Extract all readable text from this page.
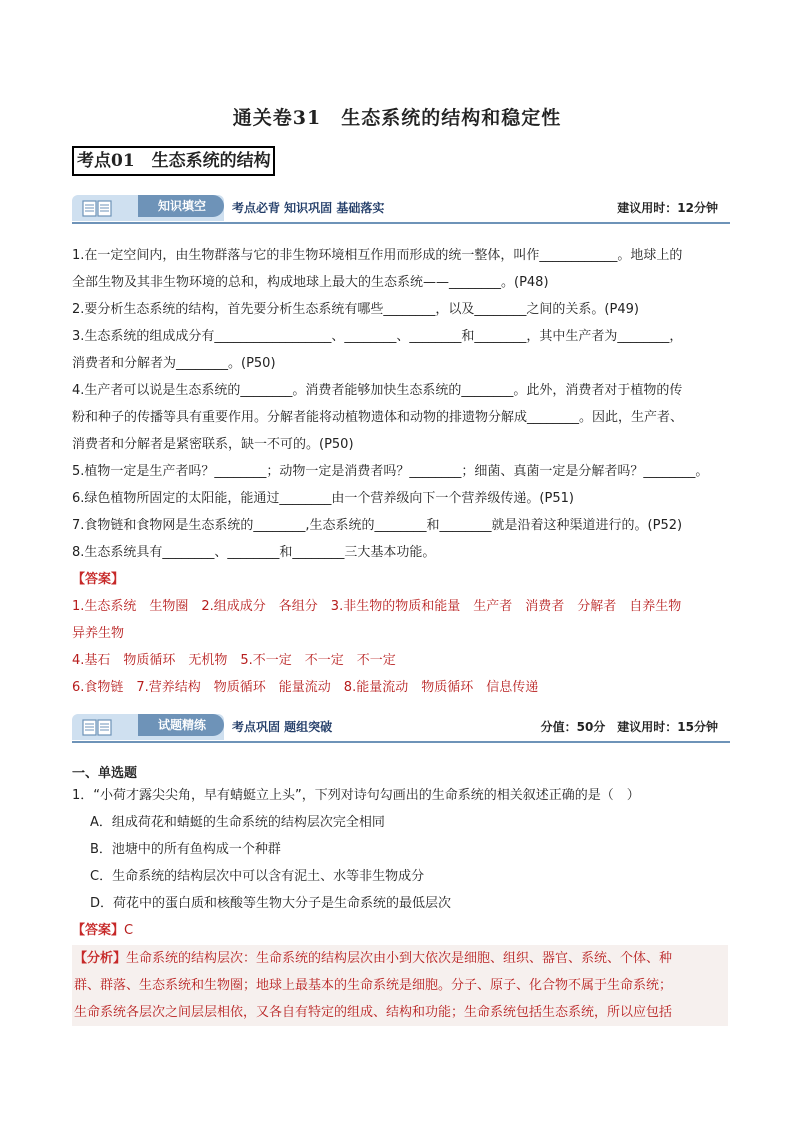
通关卷31　生态系统的结构和稳定性
考点01　生态系统的结构
知识填空	考点必背 知识巩固 基础落实	建议用时：12分钟

1.在一定空间内，由生物群落与它的非生物环境相互作用而形成的统一整体，叫作____________。地球上的

全部生物及其非生物环境的总和，构成地球上最大的生态系统——________。(P48)

2.要分析生态系统的结构，首先要分析生态系统有哪些________，以及________之间的关系。(P49)

3.生态系统的组成成分有__________________、________、________和________，其中生产者为________，

消费者和分解者为________。(P50)

4.生产者可以说是生态系统的________。消费者能够加快生态系统的________。此外，消费者对于植物的传

粉和种子的传播等具有重要作用。分解者能将动植物遗体和动物的排遗物分解成________。因此，生产者、

消费者和分解者是紧密联系，缺一不可的。(P50)

5.植物一定是生产者吗？________；动物一定是消费者吗？________；细菌、真菌一定是分解者吗？________。

6.绿色植物所固定的太阳能，能通过________由一个营养级向下一个营养级传递。(P51)

7.食物链和食物网是生态系统的________,生态系统的________和________就是沿着这种渠道进行的。(P52)

8.生态系统具有________、________和________三大基本功能。

【答案】

1.生态系统　生物圈　2.组成成分　各组分　3.非生物的物质和能量　生产者　消费者　分解者　自养生物

异养生物

4.基石　物质循环　无机物　5.不一定　不一定　不一定

6.食物链　7.营养结构　物质循环　能量流动　8.能量流动　物质循环　信息传递

试题精练	考点巩固 题组突破	分值：50分　建议用时：15分钟
一、单选题

1．“小荷才露尖尖角，早有蜻蜓立上头”，下列对诗句勾画出的生命系统的相关叙述正确的是（　）

A．组成荷花和蜻蜓的生命系统的结构层次完全相同
B．池塘中的所有鱼构成一个种群
C．生命系统的结构层次中可以含有泥土、水等非生物成分
D．荷花中的蛋白质和核酸等生物大分子是生命系统的最低层次

【答案】C

【分析】生命系统的结构层次：生命系统的结构层次由小到大依次是细胞、组织、器官、系统、个体、种
群、群落、生态系统和生物圈；地球上最基本的生命系统是细胞。分子、原子、化合物不属于生命系统；
生命系统各层次之间层层相依，又各自有特定的组成、结构和功能；生命系统包括生态系统，所以应包括
